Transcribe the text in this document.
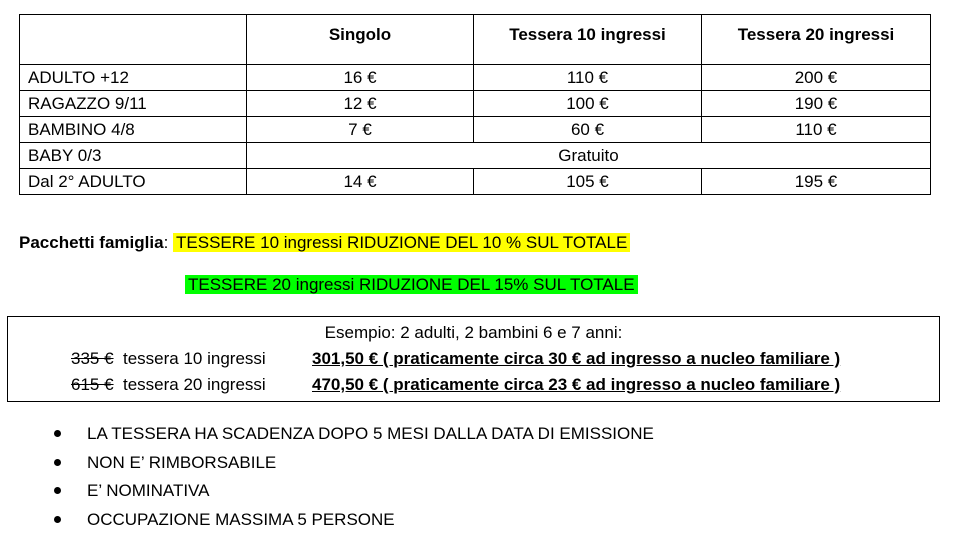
	Singolo	Tessera 10 ingressi	Tessera 20 ingressi
ADULTO +12	16 €	110 €	200 €
RAGAZZO 9/11	12 €	100 €	190 €
BAMBINO 4/8	7 €	60 €	110 €
BABY 0/3	Gratuito		
Dal 2° ADULTO	14 €	105 €	195 €
Pacchetti famiglia: TESSERE 10 ingressi RIDUZIONE DEL 10 % SUL TOTALE
TESSERE 20 ingressi RIDUZIONE DEL 15% SUL TOTALE
Esempio: 2 adulti, 2 bambini 6 e 7 anni:
335 € tessera 10 ingressi	301,50 € ( praticamente circa 30 € ad ingresso a nucleo familiare )
615 € tessera 20 ingressi	470,50 € ( praticamente circa 23 € ad ingresso a nucleo familiare )
LA TESSERA HA SCADENZA DOPO 5 MESI DALLA DATA DI EMISSIONE
NON E’ RIMBORSABILE
E’ NOMINATIVA
OCCUPAZIONE MASSIMA 5 PERSONE
